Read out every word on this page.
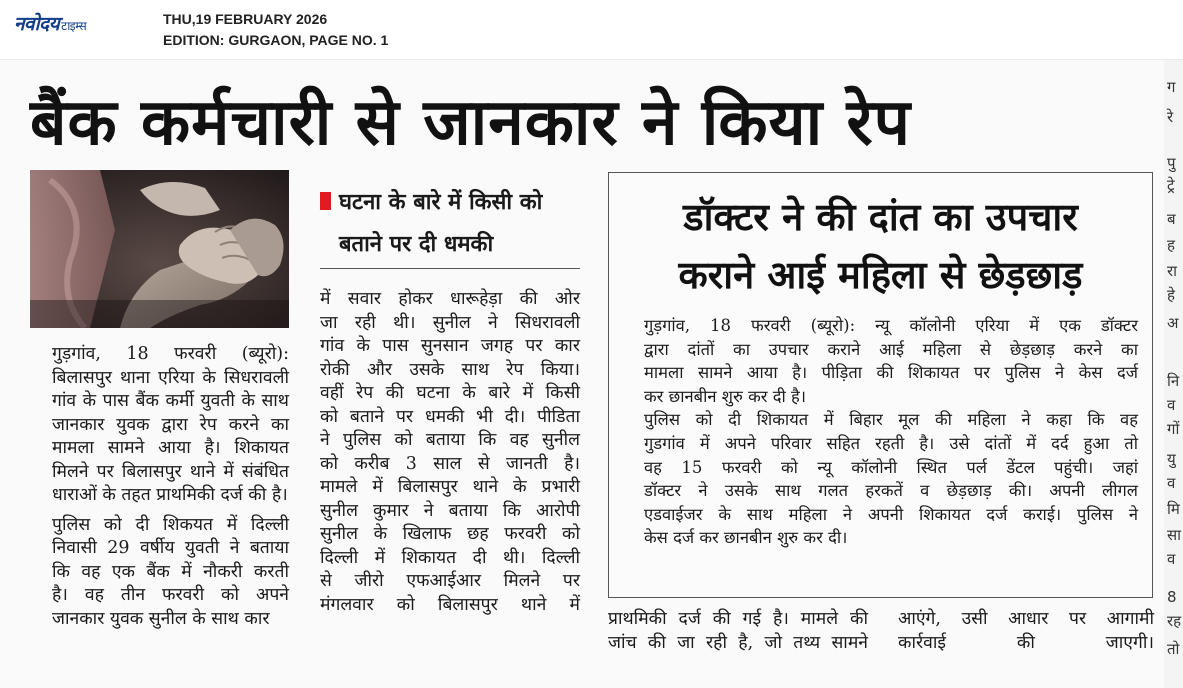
नवोदय टाइम्स	THU,19 FEBRUARY 2026
EDITION: GURGAON, PAGE NO. 1
बैंक कर्मचारी से जानकार ने किया रेप	ग
रे
पु
ट्रे
ब
ह
रा
हे
अ
नि
व
गों
यु
व
मि
सा
व
8
रह
तो

गुड़गांव, 18 फरवरी (ब्यूरो):
बिलासपुर थाना एरिया के सिधरावली
गांव के पास बैंक कर्मी युवती के साथ
जानकार युवक द्वारा रेप करने का
मामला सामने आया है। शिकायत
मिलने पर बिलासपुर थाने में संबंधित
धाराओं के तहत प्राथमिकी दर्ज की है।

पुलिस को दी शिकयत में दिल्ली
निवासी 29 वर्षीय युवती ने बताया
कि वह एक बैंक में नौकरी करती
है। वह तीन फरवरी को अपने
जानकार युवक सुनील के साथ कार

घटना के बारे में किसी को
बताने पर दी धमकी
में सवार होकर धारूहेड़ा की ओर
जा रही थी। सुनील ने सिधरावली
गांव के पास सुनसान जगह पर कार
रोकी और उसके साथ रेप किया।
वहीं रेप की घटना के बारे में किसी
को बताने पर धमकी भी दी। पीडिता
ने पुलिस को बताया कि वह सुनील
को करीब 3 साल से जानती है।
मामले में बिलासपुर थाने के प्रभारी
सुनील कुमार ने बताया कि आरोपी
सुनील के खिलाफ छह फरवरी को
दिल्ली में शिकायत दी थी। दिल्ली
से जीरो एफआईआर मिलने पर
मंगलवार को बिलासपुर थाने में
डॉक्टर ने की दांत का उपचार
कराने आई महिला से छेड़छाड़

गुड़गांव, 18 फरवरी (ब्यूरो): न्यू कॉलोनी एरिया में एक डॉक्टर
द्वारा दांतों का उपचार कराने आई महिला से छेड़छाड़ करने का
मामला सामने आया है। पीड़िता की शिकायत पर पुलिस ने केस दर्ज
कर छानबीन शुरु कर दी है।

पुलिस को दी शिकायत में बिहार मूल की महिला ने कहा कि वह
गुडगांव में अपने परिवार सहित रहती है। उसे दांतों में दर्द हुआ तो
वह 15 फरवरी को न्यू कॉलोनी स्थित पर्ल डेंटल पहुंची। जहां
डॉक्टर ने उसके साथ गलत हरकतें व छेड़छाड़ की। अपनी लीगल
एडवाईजर के साथ महिला ने अपनी शिकायत दर्ज कराई। पुलिस ने
केस दर्ज कर छानबीन शुरु कर दी।

प्राथमिकी दर्ज की गई है। मामले की
जांच की जा रही है, जो तथ्य सामने
आएंगे, उसी आधार पर आगामी
कार्रवाई की जाएगी।
